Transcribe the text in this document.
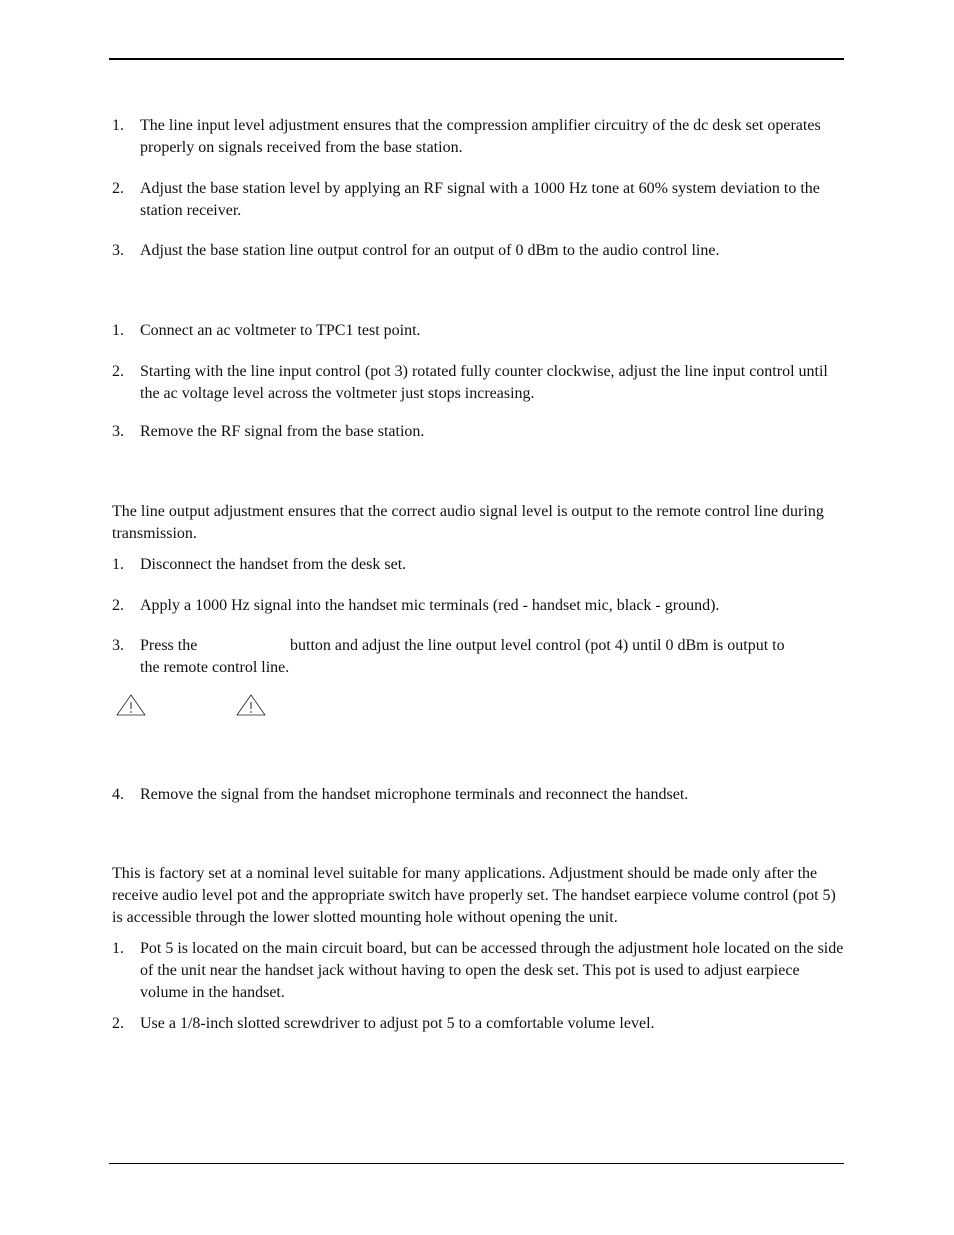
1.	The line input level adjustment ensures that the compression amplifier circuitry of the dc desk set operates properly on signals received from the base station.
2.	Adjust the base station level by applying an RF signal with a 1000 Hz tone at 60% system deviation to the station receiver.
3.	Adjust the base station line output control for an output of 0 dBm to the audio control line.
1.	Connect an ac voltmeter to TPC1 test point.
2.	Starting with the line input control (pot 3) rotated fully counter clockwise, adjust the line input control until the ac voltage level across the voltmeter just stops increasing.
3.	Remove the RF signal from the base station.
The line output adjustment ensures that the correct audio signal level is output to the remote control line during transmission.
1.	Disconnect the handset from the desk set.
2.	Apply a 1000 Hz signal into the handset mic terminals (red - handset mic, black - ground).
3.	Press the	button and adjust the line output level control (pot 4) until 0 dBm is output to
the remote control line.
4.	Remove the signal from the handset microphone terminals and reconnect the handset.
This is factory set at a nominal level suitable for many applications. Adjustment should be made only after the receive audio level pot and the appropriate switch have properly set. The handset earpiece volume control (pot 5) is accessible through the lower slotted mounting hole without opening the unit.
1.	Pot 5 is located on the main circuit board, but can be accessed through the adjustment hole located on the side of the unit near the handset jack without having to open the desk set. This pot is used to adjust earpiece volume in the handset.
2.	Use a 1/8-inch slotted screwdriver to adjust pot 5 to a comfortable volume level.
